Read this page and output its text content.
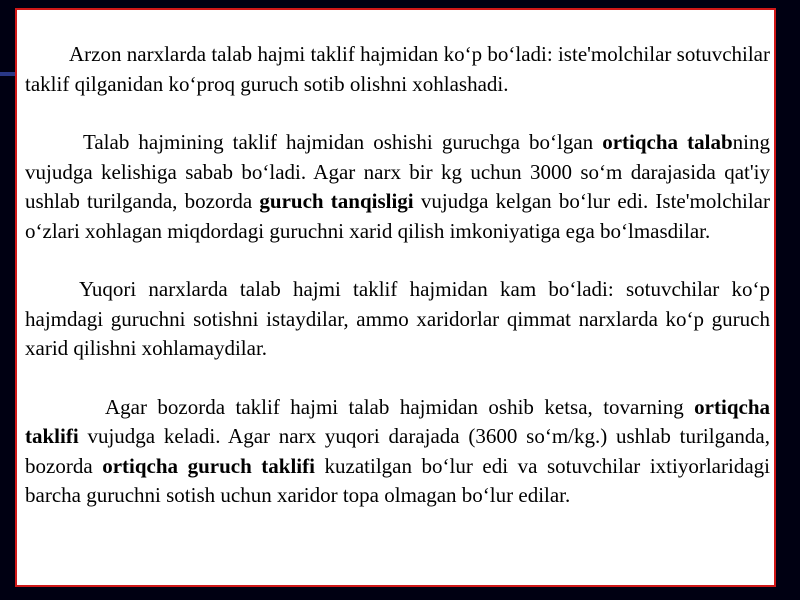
Arzon narxlarda talab hajmi taklif hajmidan ko‘p bo‘ladi: iste'molchilar sotuvchilar taklif qilganidan ko‘proq guruch sotib olishni xohlashadi.

Talab hajmining taklif hajmidan oshishi guruchga bo‘lgan ortiqcha talabning vujudga kelishiga sabab bo‘ladi. Agar narx bir kg uchun 3000 so‘m darajasida qat'iy ushlab turilganda, bozorda guruch tanqisligi vujudga kelgan bo‘lur edi. Iste'molchilar o‘zlari xohlagan miqdordagi guruchni xarid qilish imkoniyatiga ega bo‘lmasdilar.

Yuqori narxlarda talab hajmi taklif hajmidan kam bo‘ladi: sotuvchilar ko‘p hajmdagi guruchni sotishni istaydilar, ammo xaridorlar qimmat narxlarda ko‘p guruch xarid qilishni xohlamaydilar.

Agar bozorda taklif hajmi talab hajmidan oshib ketsa, tovarning ortiqcha taklifi vujudga keladi. Agar narx yuqori darajada (3600 so‘m/kg.) ushlab turilganda, bozorda ortiqcha guruch taklifi kuzatilgan bo‘lur edi va sotuvchilar ixtiyorlaridagi barcha guruchni sotish uchun xaridor topa olmagan bo‘lur edilar.
